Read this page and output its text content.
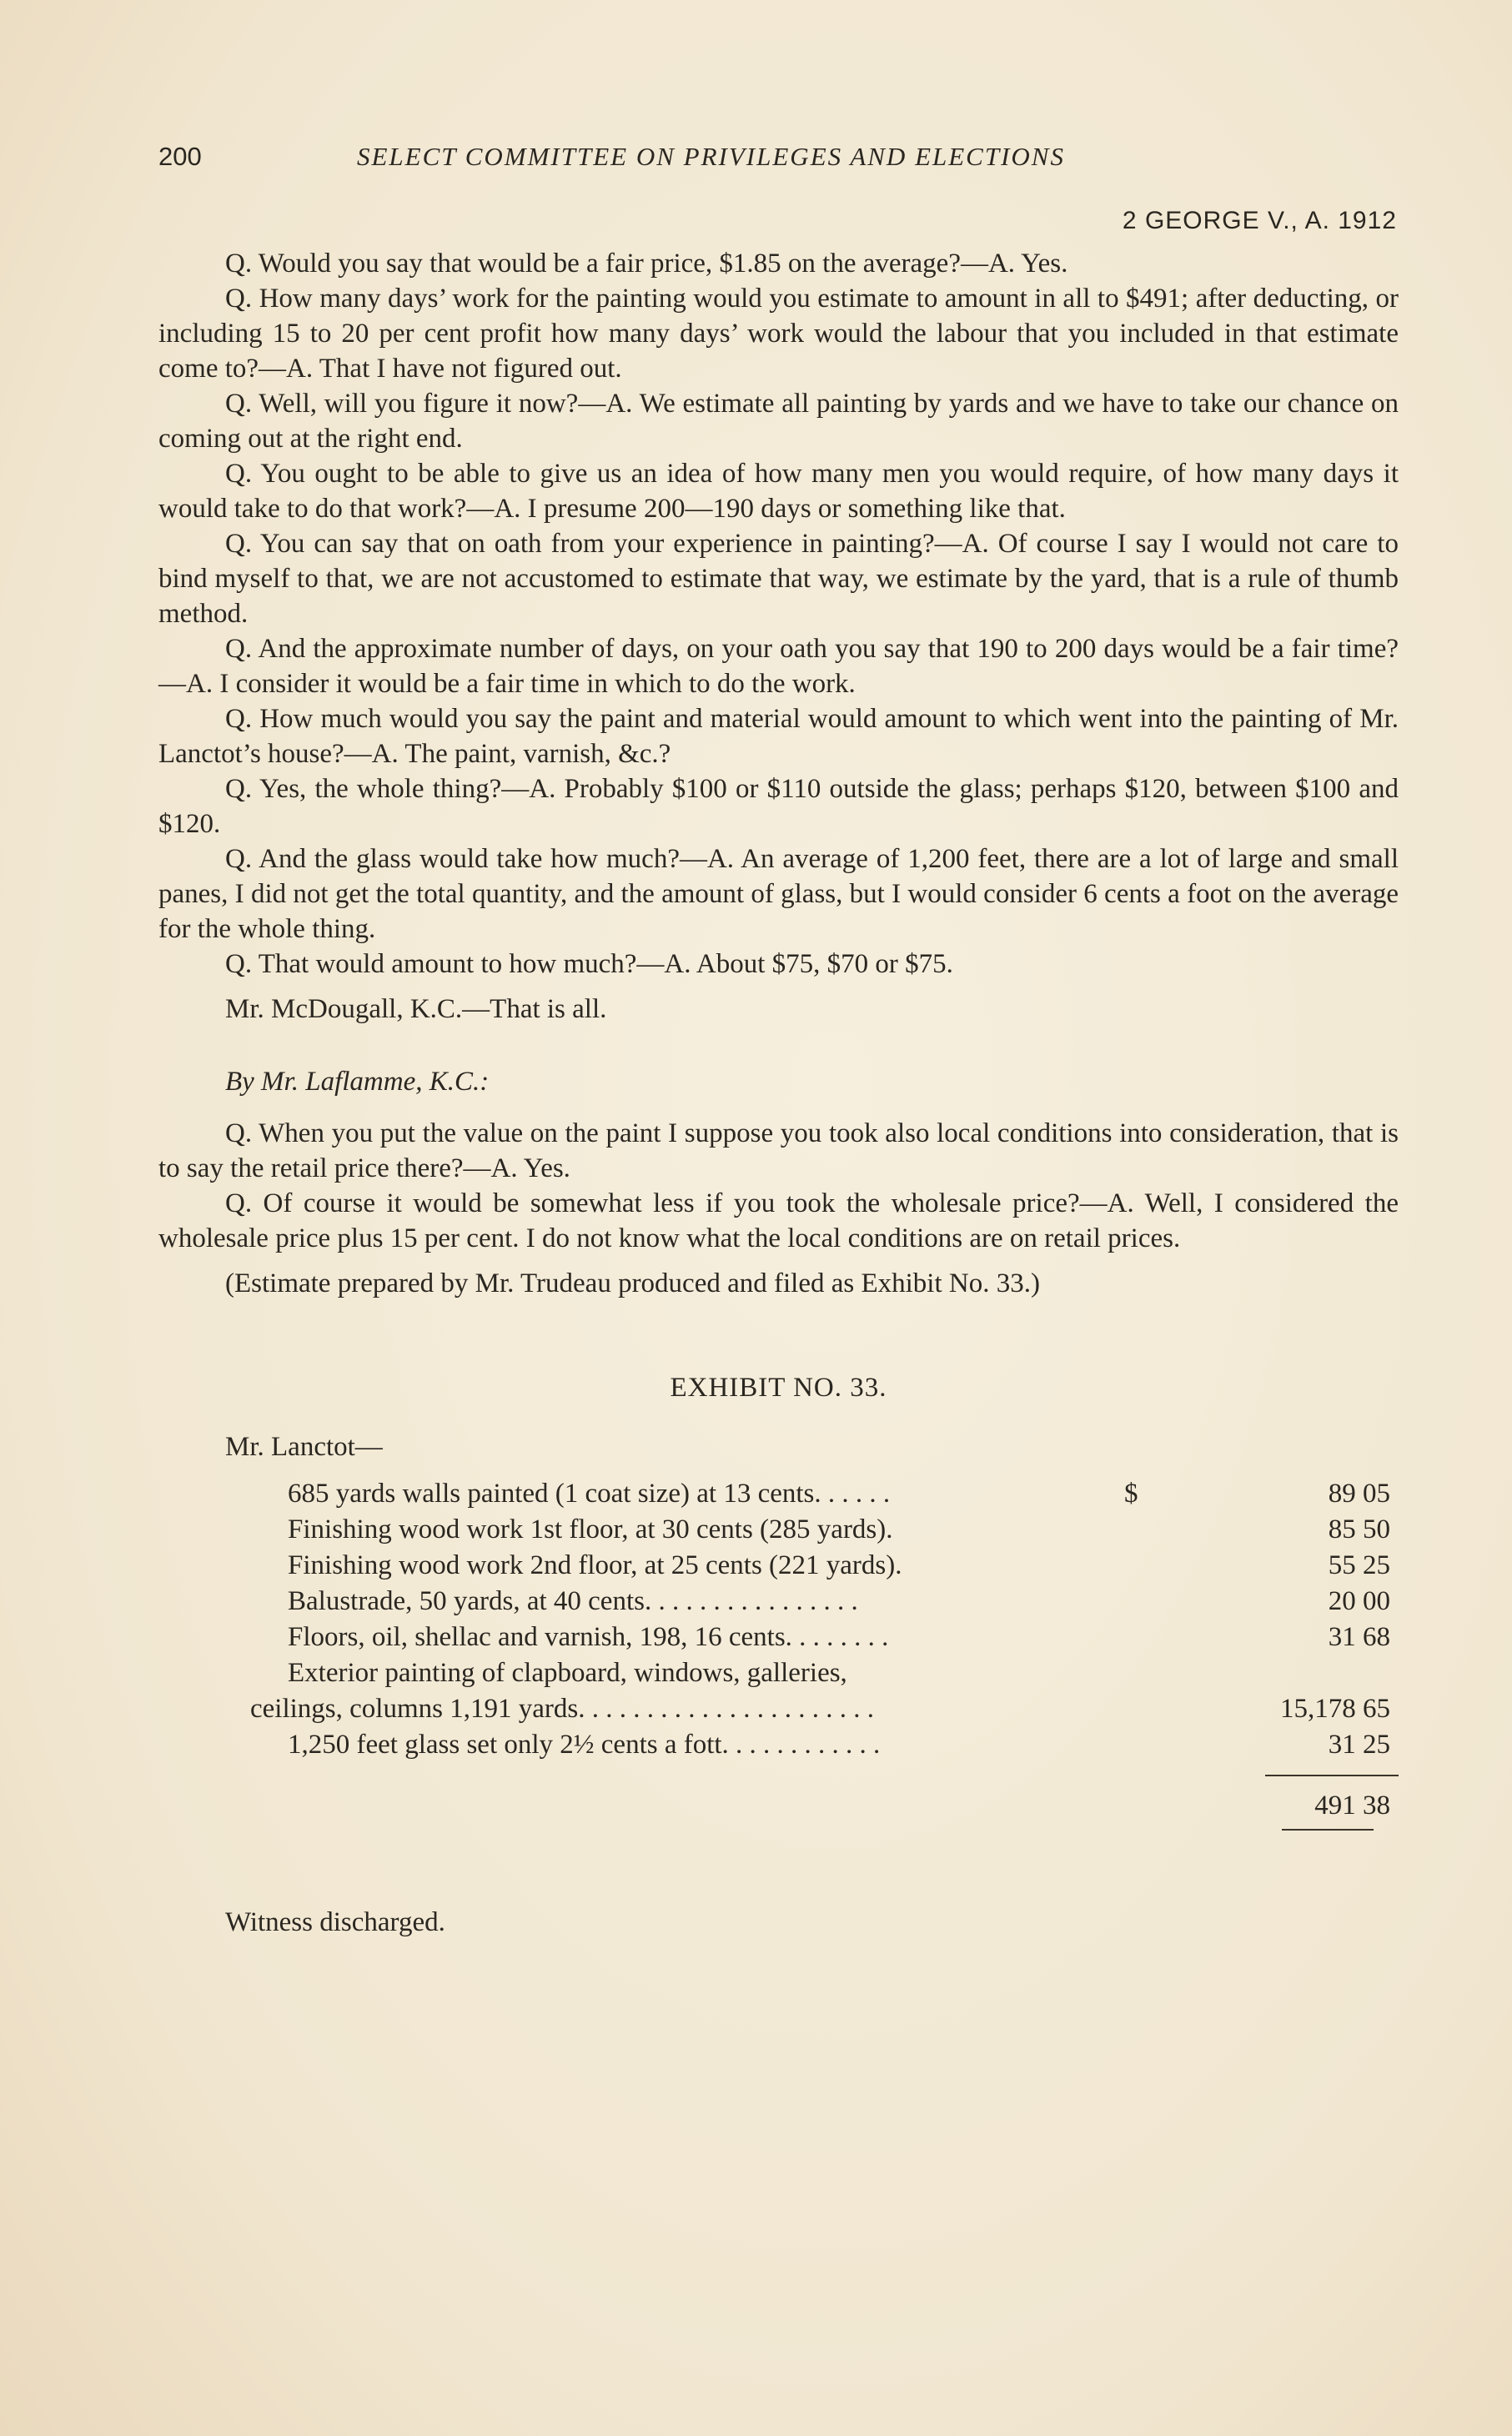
200	SELECT COMMITTEE ON PRIVILEGES AND ELECTIONS
2 GEORGE V., A. 1912

Q. Would you say that would be a fair price, $1.85 on the average?—A. Yes.

Q. How many days’ work for the painting would you estimate to amount in all to $491; after deducting, or including 15 to 20 per cent profit how many days’ work would the labour that you included in that estimate come to?—A. That I have not figured out.

Q. Well, will you figure it now?—A. We estimate all painting by yards and we have to take our chance on coming out at the right end.

Q. You ought to be able to give us an idea of how many men you would require, of how many days it would take to do that work?—A. I presume 200—190 days or something like that.

Q. You can say that on oath from your experience in painting?—A. Of course I say I would not care to bind myself to that, we are not accustomed to estimate that way, we estimate by the yard, that is a rule of thumb method.

Q. And the approximate number of days, on your oath you say that 190 to 200 days would be a fair time?—A. I consider it would be a fair time in which to do the work.

Q. How much would you say the paint and material would amount to which went into the painting of Mr. Lanctot’s house?—A. The paint, varnish, &c.?

Q. Yes, the whole thing?—A. Probably $100 or $110 outside the glass; perhaps $120, between $100 and $120.

Q. And the glass would take how much?—A. An average of 1,200 feet, there are a lot of large and small panes, I did not get the total quantity, and the amount of glass, but I would consider 6 cents a foot on the average for the whole thing.

Q. That would amount to how much?—A. About $75, $70 or $75.

Mr. McDougall, K.C.—That is all.

By Mr. Laflamme, K.C.:

Q. When you put the value on the paint I suppose you took also local conditions into consideration, that is to say the retail price there?—A. Yes.

Q. Of course it would be somewhat less if you took the wholesale price?—A. Well, I considered the wholesale price plus 15 per cent. I do not know what the local conditions are on retail prices.

(Estimate prepared by Mr. Trudeau produced and filed as Exhibit No. 33.)

EXHIBIT NO. 33.
Mr. Lanctot—
685 yards walls painted (1 coat size) at 13 cents. . . . . .	$	89 05
Finishing wood work 1st floor, at 30 cents (285 yards).	85 50
Finishing wood work 2nd floor, at 25 cents (221 yards).	55 25
Balustrade, 50 yards, at 40 cents. . . . . . . . . . . . . . . .	20 00
Floors, oil, shellac and varnish, 198, 16 cents. . . . . . . .	31 68
Exterior painting of clapboard, windows, galleries,
ceilings, columns 1,191 yards. . . . . . . . . . . . . . . . . . . . . .	15,178 65
1,250 feet glass set only 2½ cents a fott. . . . . . . . . . . .	31 25
491 38
Witness discharged.
